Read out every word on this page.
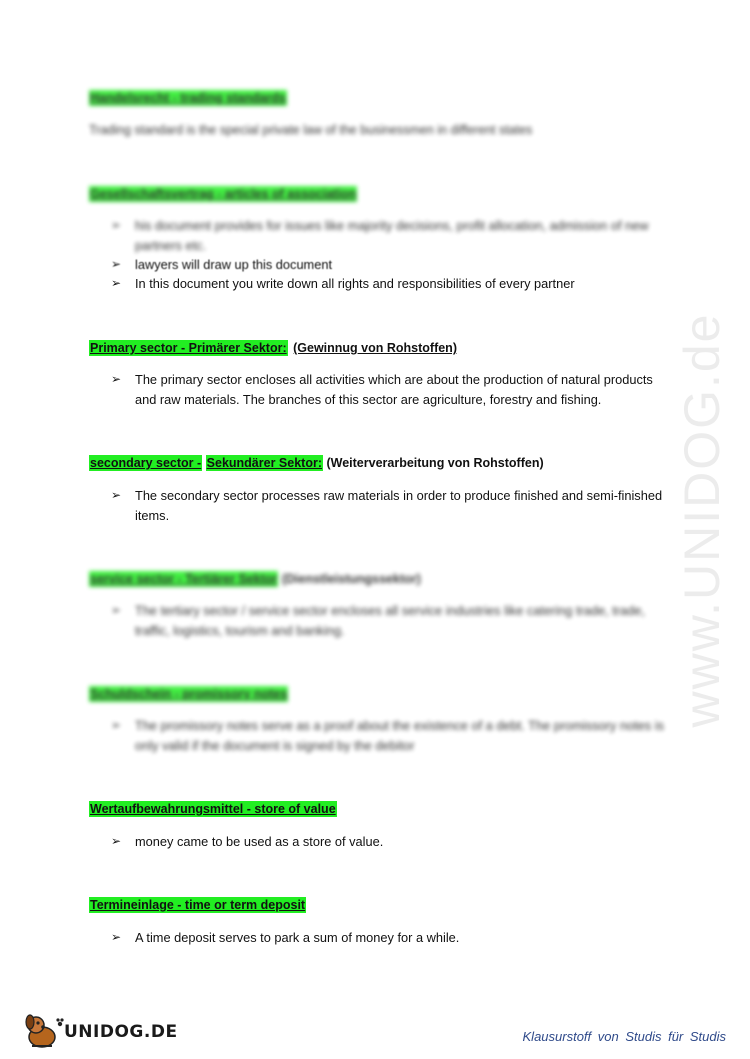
www.UNIDOG.de
Handelsrecht - trading standards
Trading standard is the special private law of the businessmen in different states
Gesellschaftsvertrag - articles of association
➢ his document provides for issues like majority decisions, profit allocation, admission of new partners etc.
➢ lawyers will draw up this document
➢ In this document you write down all rights and responsibilities of every partner
Primary sector - Primärer Sektor: (Gewinnug von Rohstoffen)
➢ The primary sector encloses all activities which are about the production of natural products and raw materials. The branches of this sector are agriculture, forestry and fishing.
secondary sector - Sekundärer Sektor: (Weiterverarbeitung von Rohstoffen)
➢ The secondary sector processes raw materials in order to produce finished and semi-finished items.
service sector - Tertiärer Sektor (Dienstleistungssektor)
➢ The tertiary sector / service sector encloses all service industries like catering trade, trade, traffic, logistics, tourism and banking.
Schuldschein - promissory notes
➢ The promissory notes serve as a proof about the existence of a debt. The promissory notes is only valid if the document is signed by the debitor
Wertaufbewahrungsmittel - store of value
➢ money came to be used as a store of value.
Termineinlage - time or term deposit
➢ A time deposit serves to park a sum of money for a while.
UNIDOG.DE	Klausurstoff von Studis für Studis
